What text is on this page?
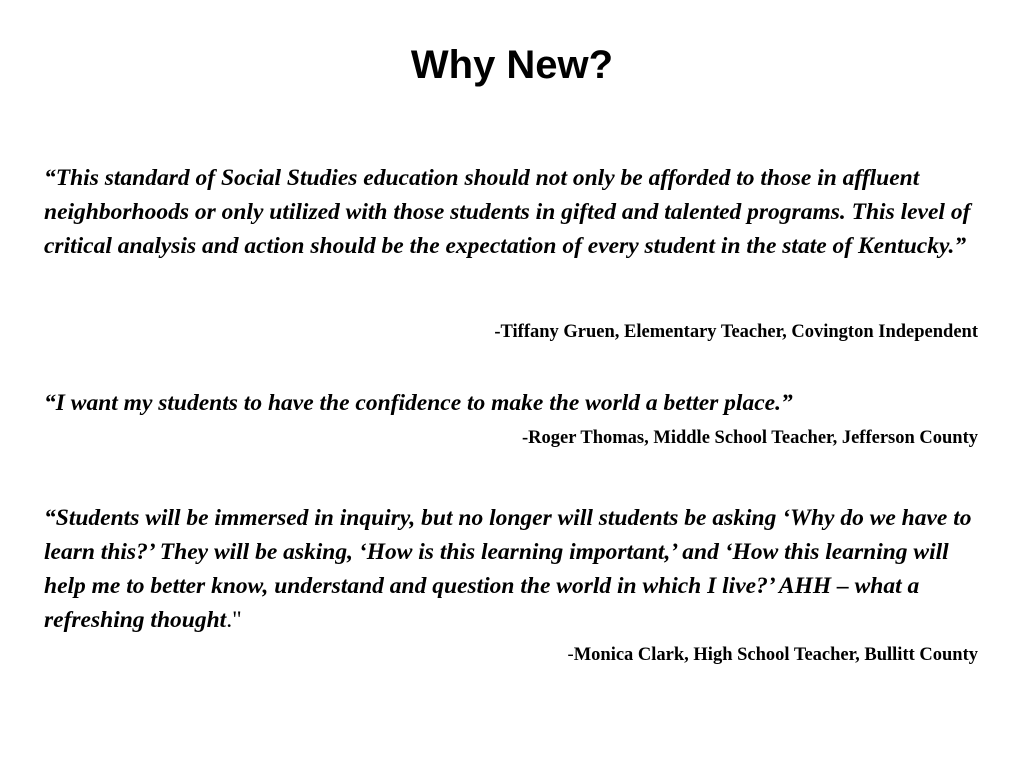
Why New?

“This standard of Social Studies education should not only be afforded to those in affluent neighborhoods or only utilized with those students in gifted and talented programs. This level of critical analysis and action should be the expectation of every student in the state of Kentucky.”

-Tiffany Gruen, Elementary Teacher, Covington Independent

“I want my students to have the confidence to make the world a better place.”

-Roger Thomas, Middle School Teacher, Jefferson County

“Students will be immersed in inquiry, but no longer will students be asking ‘Why do we have to learn this?’ They will be asking, ‘How is this learning important,’ and ‘How this learning will help me to better know, understand and question the world in which I live?’ AHH – what a refreshing thought."

-Monica Clark, High School Teacher, Bullitt County
